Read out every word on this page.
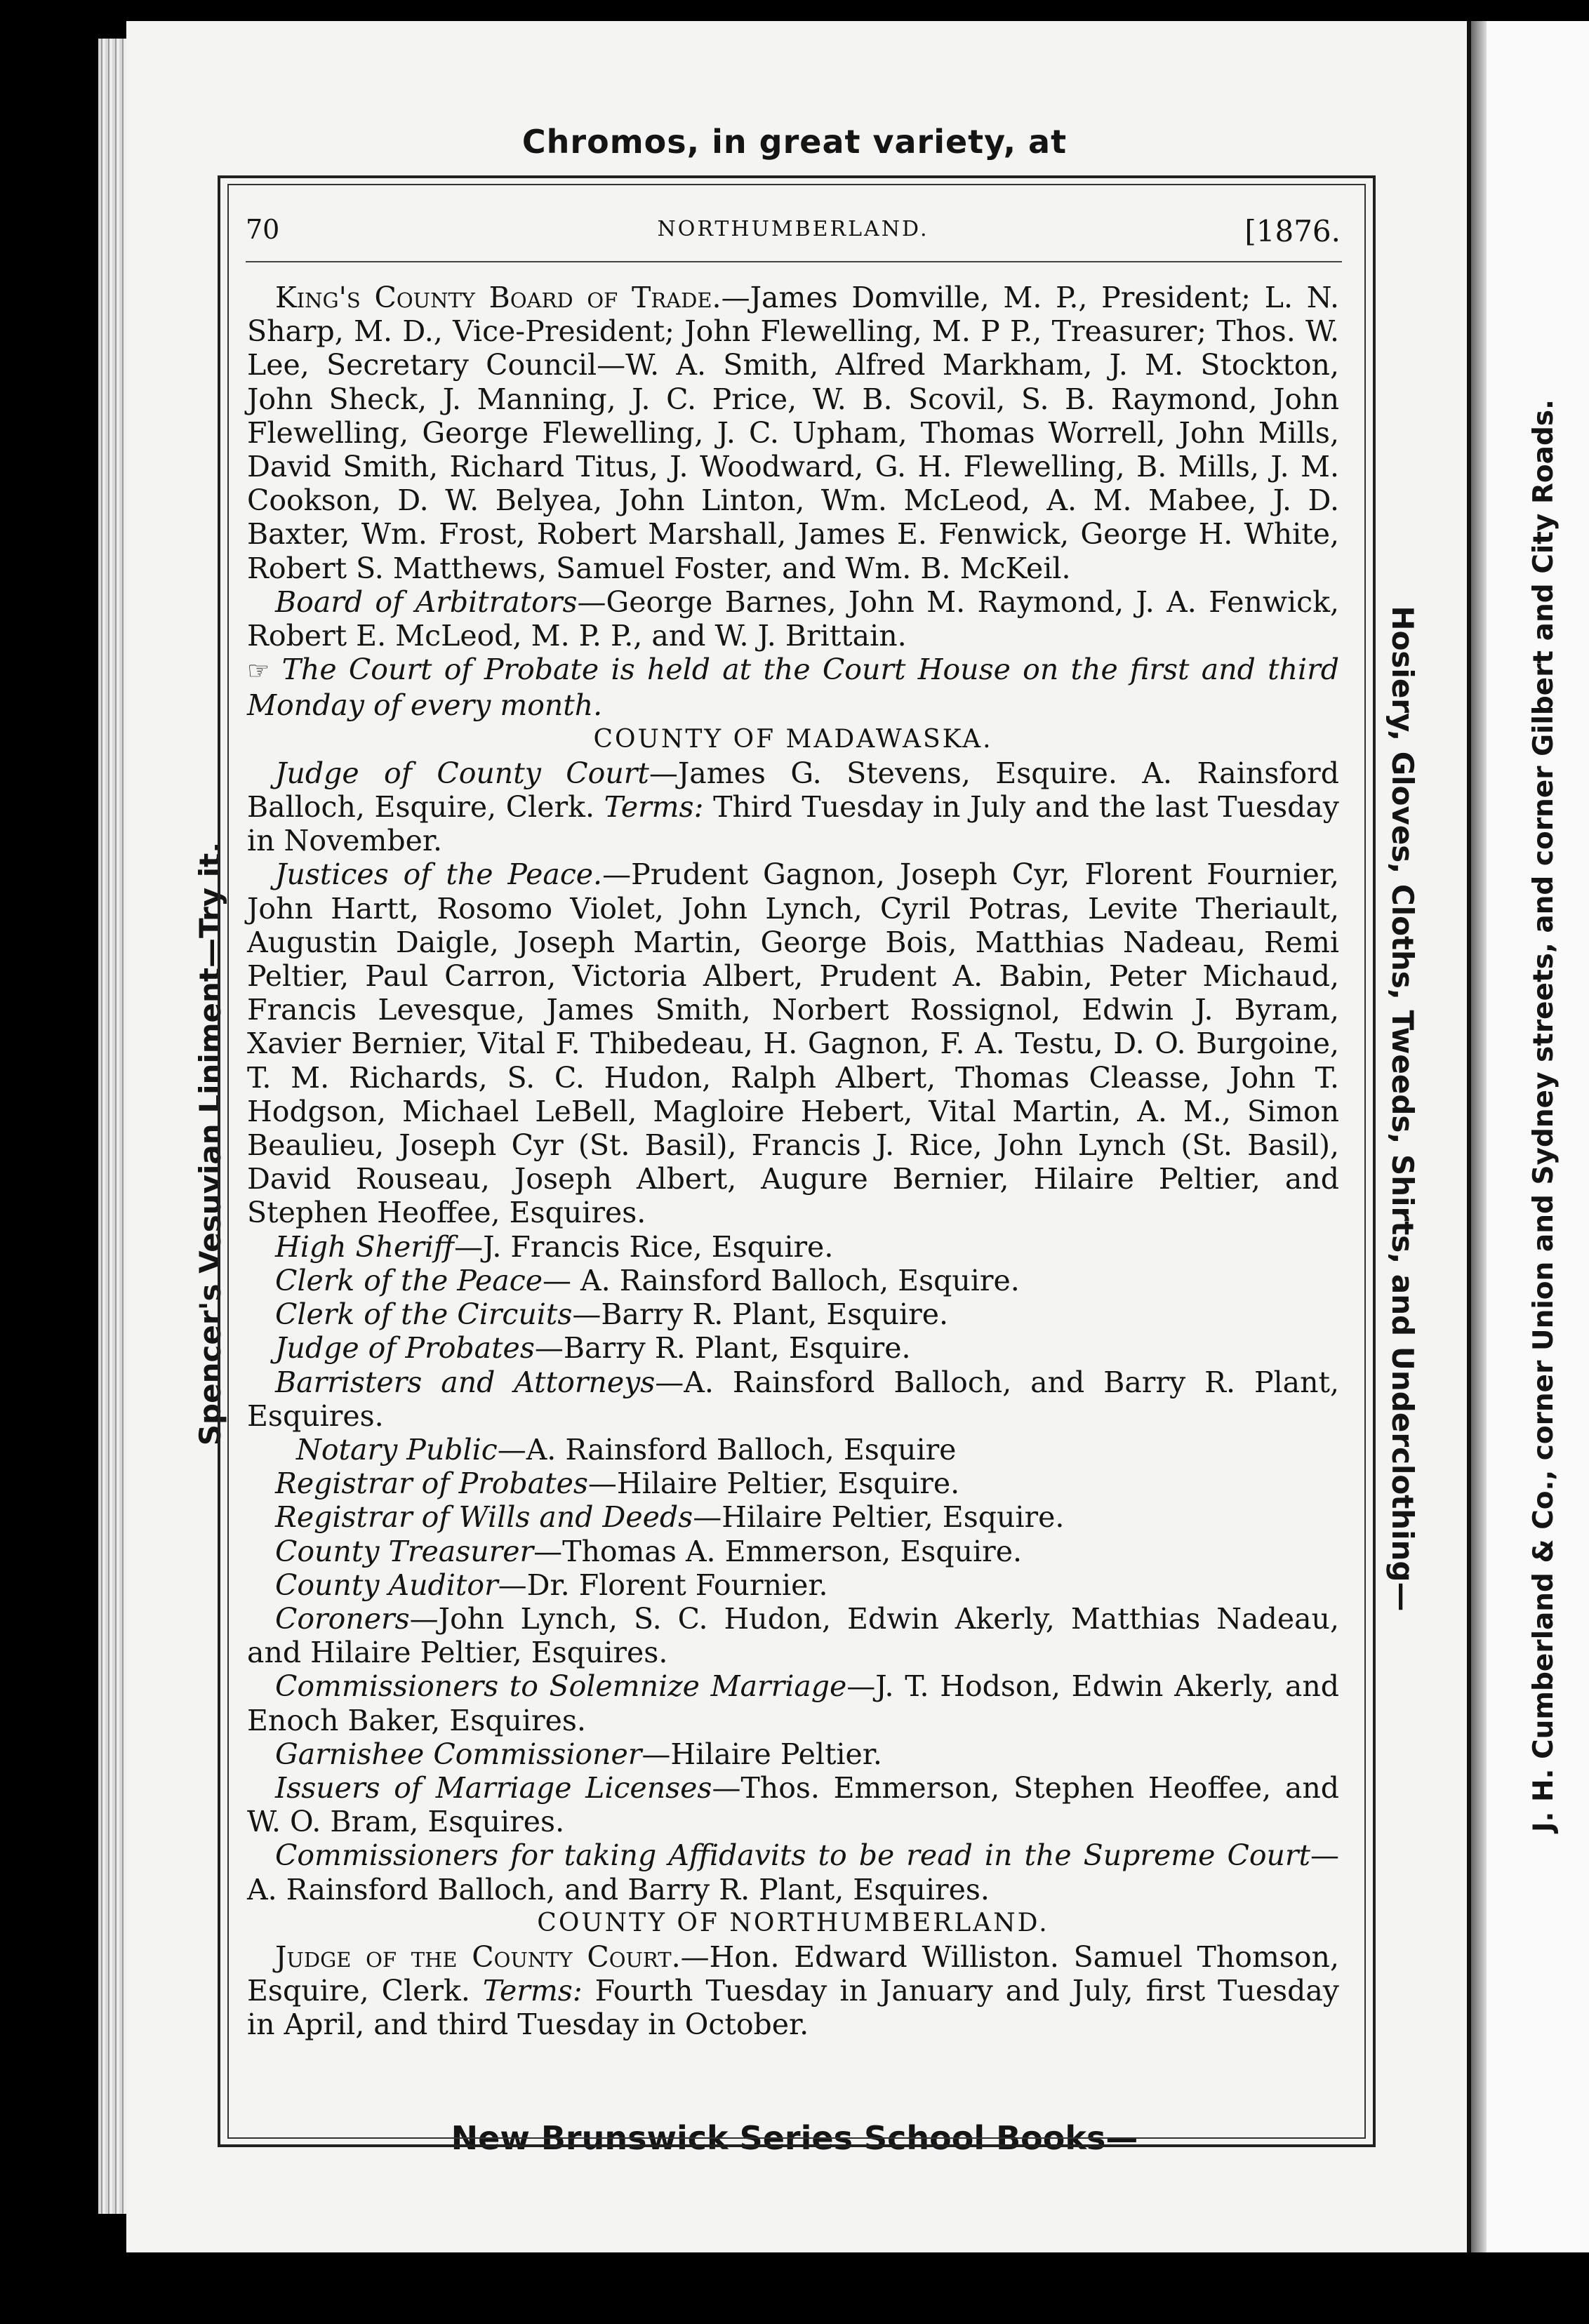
Chromos, in great variety, at
New Brunswick Series School Books—
Spencer's Vesuvian Liniment—Try it.	Hosiery, Gloves, Cloths, Tweeds, Shirts, and Underclothing—	J. H. Cumberland & Co., corner Union and Sydney streets, and corner Gilbert and City Roads.
70	NORTHUMBERLAND.	[1876.

King's County Board of Trade.—James Domville, M. P., President; L. N. Sharp, M. D., Vice-President; John Flewelling, M. P P., Treasurer; Thos. W. Lee, Secretary Council—W. A. Smith, Alfred Markham, J. M. Stockton, John Sheck, J. Manning, J. C. Price, W. B. Scovil, S. B. Raymond, John Flewelling, George Flewelling, J. C. Upham, Thomas Worrell, John Mills, David Smith, Richard Titus, J. Woodward, G. H. Flewelling, B. Mills, J. M. Cookson, D. W. Belyea, John Linton, Wm. McLeod, A. M. Mabee, J. D. Baxter, Wm. Frost, Robert Marshall, James E. Fenwick, George H. White, Robert S. Matthews, Samuel Foster, and Wm. B. McKeil.

Board of Arbitrators—George Barnes, John M. Raymond, J. A. Fenwick, Robert E. McLeod, M. P. P., and W. J. Brittain.

☞ The Court of Probate is held at the Court House on the first and third Monday of every month.

COUNTY OF MADAWASKA.

Judge of County Court—James G. Stevens, Esquire. A. Rainsford Balloch, Esquire, Clerk. Terms: Third Tuesday in July and the last Tuesday in November.

Justices of the Peace.—Prudent Gagnon, Joseph Cyr, Florent Fournier, John Hartt, Rosomo Violet, John Lynch, Cyril Potras, Levite Theriault, Augustin Daigle, Joseph Martin, George Bois, Matthias Nadeau, Remi Peltier, Paul Carron, Victoria Albert, Prudent A. Babin, Peter Michaud, Francis Levesque, James Smith, Norbert Rossignol, Edwin J. Byram, Xavier Bernier, Vital F. Thibedeau, H. Gagnon, F. A. Testu, D. O. Burgoine, T. M. Richards, S. C. Hudon, Ralph Albert, Thomas Cleasse, John T. Hodgson, Michael LeBell, Magloire Hebert, Vital Martin, A. M., Simon Beaulieu, Joseph Cyr (St. Basil), Francis J. Rice, John Lynch (St. Basil), David Rouseau, Joseph Albert, Augure Bernier, Hilaire Peltier, and Stephen Heoffee, Esquires.

High Sheriff—J. Francis Rice, Esquire.

Clerk of the Peace— A. Rainsford Balloch, Esquire.

Clerk of the Circuits—Barry R. Plant, Esquire.

Judge of Probates—Barry R. Plant, Esquire.

Barristers and Attorneys—A. Rainsford Balloch, and Barry R. Plant, Esquires.

Notary Public—A. Rainsford Balloch, Esquire

Registrar of Probates—Hilaire Peltier, Esquire.

Registrar of Wills and Deeds—Hilaire Peltier, Esquire.

County Treasurer—Thomas A. Emmerson, Esquire.

County Auditor—Dr. Florent Fournier.

Coroners—John Lynch, S. C. Hudon, Edwin Akerly, Matthias Nadeau, and Hilaire Peltier, Esquires.

Commissioners to Solemnize Marriage—J. T. Hodson, Edwin Akerly, and Enoch Baker, Esquires.

Garnishee Commissioner—Hilaire Peltier.

Issuers of Marriage Licenses—Thos. Emmerson, Stephen Heoffee, and W. O. Bram, Esquires.

Commissioners for taking Affidavits to be read in the Supreme Court—A. Rainsford Balloch, and Barry R. Plant, Esquires.

COUNTY OF NORTHUMBERLAND.

Judge of the County Court.—Hon. Edward Williston. Samuel Thomson, Esquire, Clerk. Terms: Fourth Tuesday in January and July, first Tuesday in April, and third Tuesday in October.
